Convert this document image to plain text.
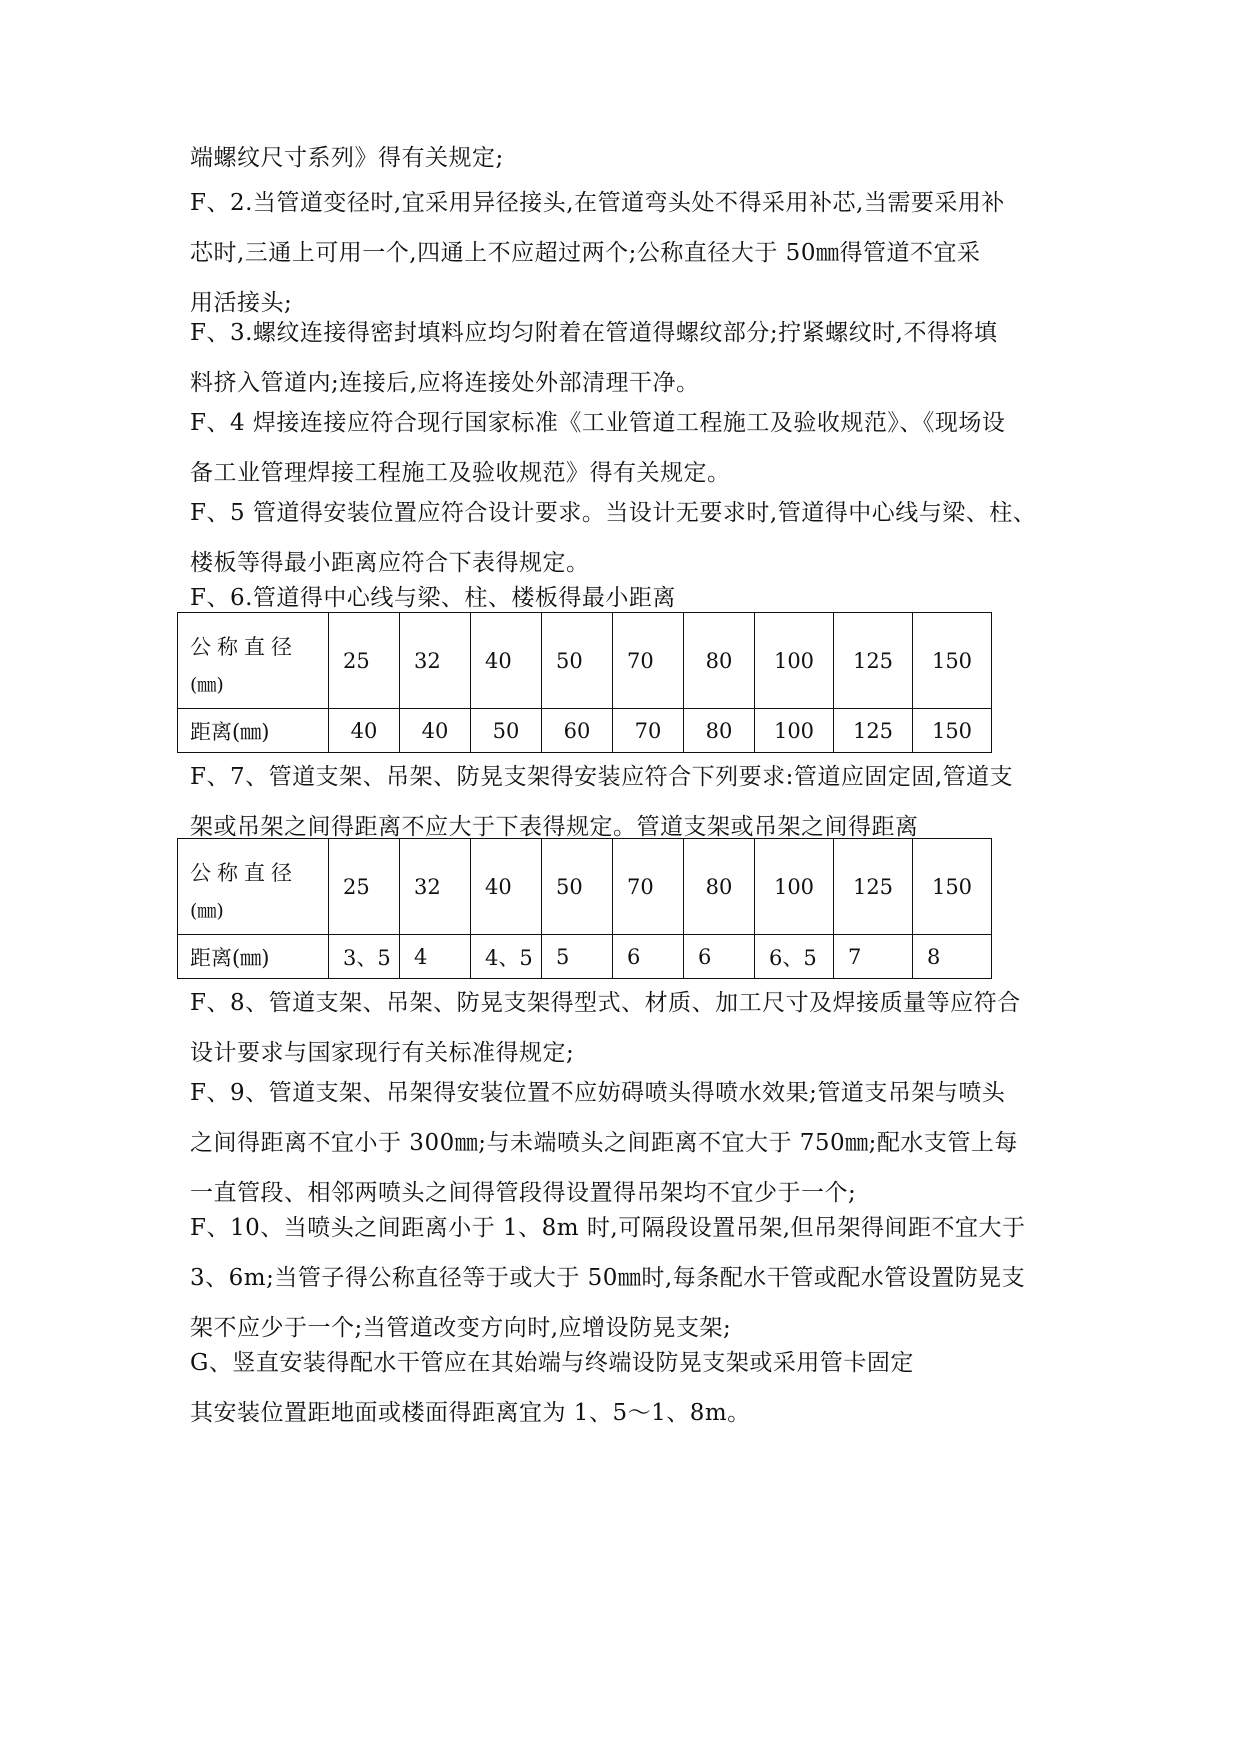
端螺纹尺寸系列》得有关规定;
F、2.当管道变径时,宜采用异径接头,在管道弯头处不得采用补芯,当需要采用补
芯时,三通上可用一个,四通上不应超过两个;公称直径大于 50㎜得管道不宜采
用活接头;
F、3.螺纹连接得密封填料应均匀附着在管道得螺纹部分;拧紧螺纹时,不得将填
料挤入管道内;连接后,应将连接处外部清理干净。
F、4 焊接连接应符合现行国家标准《工业管道工程施工及验收规范》、《现场设
备工业管理焊接工程施工及验收规范》得有关规定。
F、5 管道得安装位置应符合设计要求。当设计无要求时,管道得中心线与梁、柱、
楼板等得最小距离应符合下表得规定。
F、6.管道得中心线与梁、柱、楼板得最小距离
公称直径
(㎜)	25	32	40	50	70	80	100	125	150
距离(㎜)	40	40	50	60	70	80	100	125	150
F、7、管道支架、吊架、防晃支架得安装应符合下列要求:管道应固定固,管道支
架或吊架之间得距离不应大于下表得规定。管道支架或吊架之间得距离
公称直径
(㎜)	25	32	40	50	70	80	100	125	150
距离(㎜)	3、5	4	4、5	5	6	6	6、5	7	8
F、8、管道支架、吊架、防晃支架得型式、材质、加工尺寸及焊接质量等应符合
设计要求与国家现行有关标准得规定;
F、9、管道支架、吊架得安装位置不应妨碍喷头得喷水效果;管道支吊架与喷头
之间得距离不宜小于 300㎜;与未端喷头之间距离不宜大于 750㎜;配水支管上每
一直管段、相邻两喷头之间得管段得设置得吊架均不宜少于一个;
F、10、当喷头之间距离小于 1、8m 时,可隔段设置吊架,但吊架得间距不宜大于
3、6m;当管子得公称直径等于或大于 50㎜时,每条配水干管或配水管设置防晃支
架不应少于一个;当管道改变方向时,应增设防晃支架;
G、竖直安装得配水干管应在其始端与终端设防晃支架或采用管卡固定
其安装位置距地面或楼面得距离宜为 1、5～1、8m。
